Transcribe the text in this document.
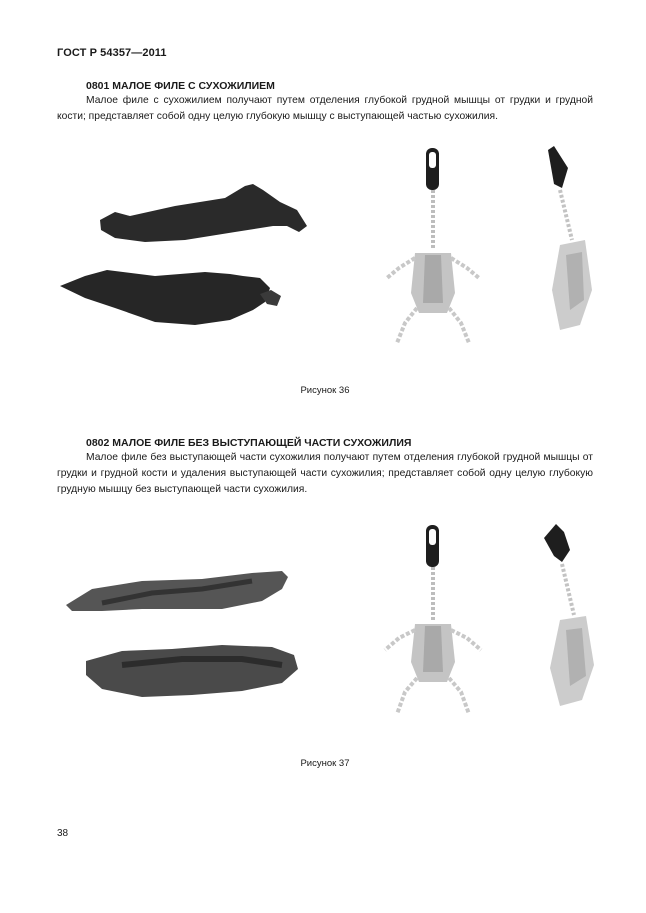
ГОСТ Р 54357—2011
0801 МАЛОЕ ФИЛЕ С СУХОЖИЛИЕМ
Малое филе с сухожилием получают путем отделения глубокой грудной мышцы от грудки и грудной кости; представляет собой одну целую глубокую мышцу с выступающей частью сухожилия.
Рисунок 36
0802 МАЛОЕ ФИЛЕ БЕЗ ВЫСТУПАЮЩЕЙ ЧАСТИ СУХОЖИЛИЯ
Малое филе без выступающей части сухожилия получают путем отделения глубокой грудной мышцы от грудки и грудной кости и удаления выступающей части сухожилия; представляет собой одну целую глубокую грудную мышцу без выступающей части сухожилия.
Рисунок 37
38
